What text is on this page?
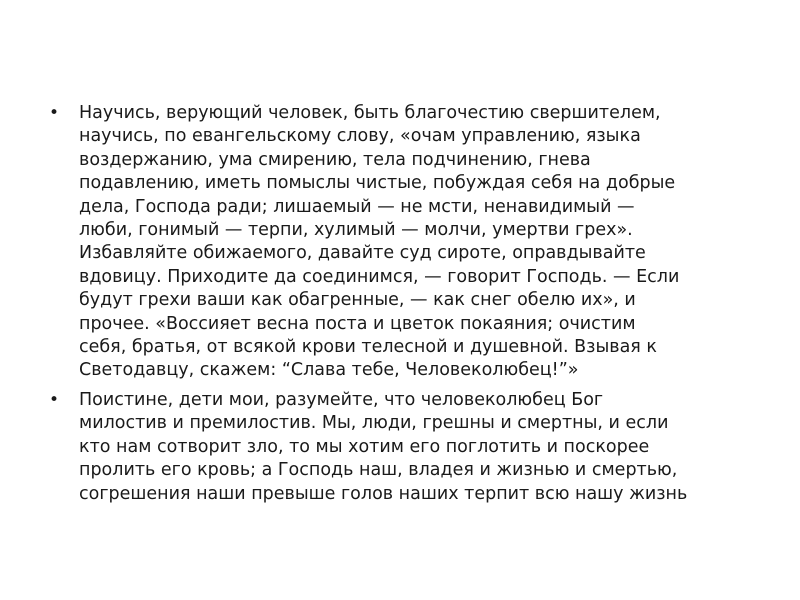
• Научись, верующий человек, быть благочестию свершителем,
научись, по евангельскому слову, «очам управлению, языка
воздержанию, ума смирению, тела подчинению, гнева
подавлению, иметь помыслы чистые, побуждая себя на добрые
дела, Господа ради; лишаемый — не мсти, ненавидимый —
люби, гонимый — терпи, хулимый — молчи, умертви грех».
Избавляйте обижаемого, давайте суд сироте, оправдывайте
вдовицу. Приходите да соединимся, — говорит Господь. — Если
будут грехи ваши как обагренные, — как снег обелю их», и
прочее. «Воссияет весна поста и цветок покаяния; очистим
себя, братья, от всякой крови телесной и душевной. Взывая к
Светодавцу, скажем: “Слава тебе, Человеколюбец!”»
• Поистине, дети мои, разумейте, что человеколюбец Бог
милостив и премилостив. Мы, люди, грешны и смертны, и если
кто нам сотворит зло, то мы хотим его поглотить и поскорее
пролить его кровь; а Господь наш, владея и жизнью и смертью,
согрешения наши превыше голов наших терпит всю нашу жизнь
